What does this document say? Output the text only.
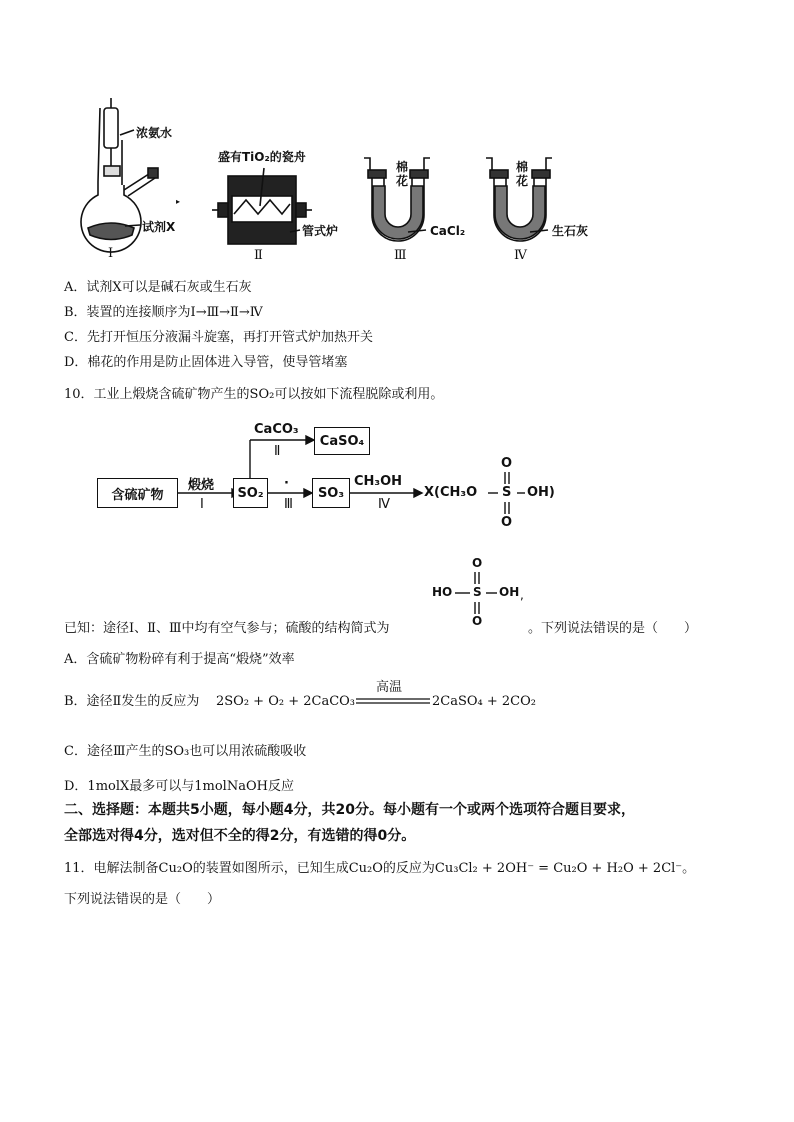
▸
浓氨水
试剂X
盛有TiO₂的瓷舟
管式炉
棉花
CaCl₂
棉花
生石灰
Ⅰ	Ⅱ	Ⅲ	Ⅳ
A．试剂X可以是碱石灰或生石灰
B．装置的连接顺序为Ⅰ→Ⅲ→Ⅱ→Ⅳ
C．先打开恒压分液漏斗旋塞，再打开管式炉加热开关
D．棉花的作用是防止固体进入导管，使导管堵塞
10．工业上煅烧含硫矿物产生的SO₂可以按如下流程脱除或利用。
含硫矿物
煅烧
Ⅰ
SO₂
CaCO₃
Ⅱ
CaSO₄
·
Ⅲ
SO₃
CH₃OH
Ⅳ
X(CH₃O S
O
O
OH)
HO S OH ,
O
O
已知：途径Ⅰ、Ⅱ、Ⅲ中均有空气参与；硫酸的结构简式为	。下列说法错误的是（　　）
A．含硫矿物粉碎有利于提高“煅烧”效率
B．途径Ⅱ发生的反应为 2SO₂ + O₂ + 2CaCO₃
高温
2CaSO₄ + 2CO₂
C．途径Ⅲ产生的SO₃也可以用浓硫酸吸收
D．1molX最多可以与1molNaOH反应
二、选择题：本题共5小题，每小题4分，共20分。每小题有一个或两个选项符合题目要求，
全部选对得4分，选对但不全的得2分，有选错的得0分。
11．电解法制备Cu₂O的装置如图所示，已知生成Cu₂O的反应为Cu₃Cl₂ + 2OH⁻ = Cu₂O + H₂O + 2Cl⁻。
下列说法错误的是（　　）
